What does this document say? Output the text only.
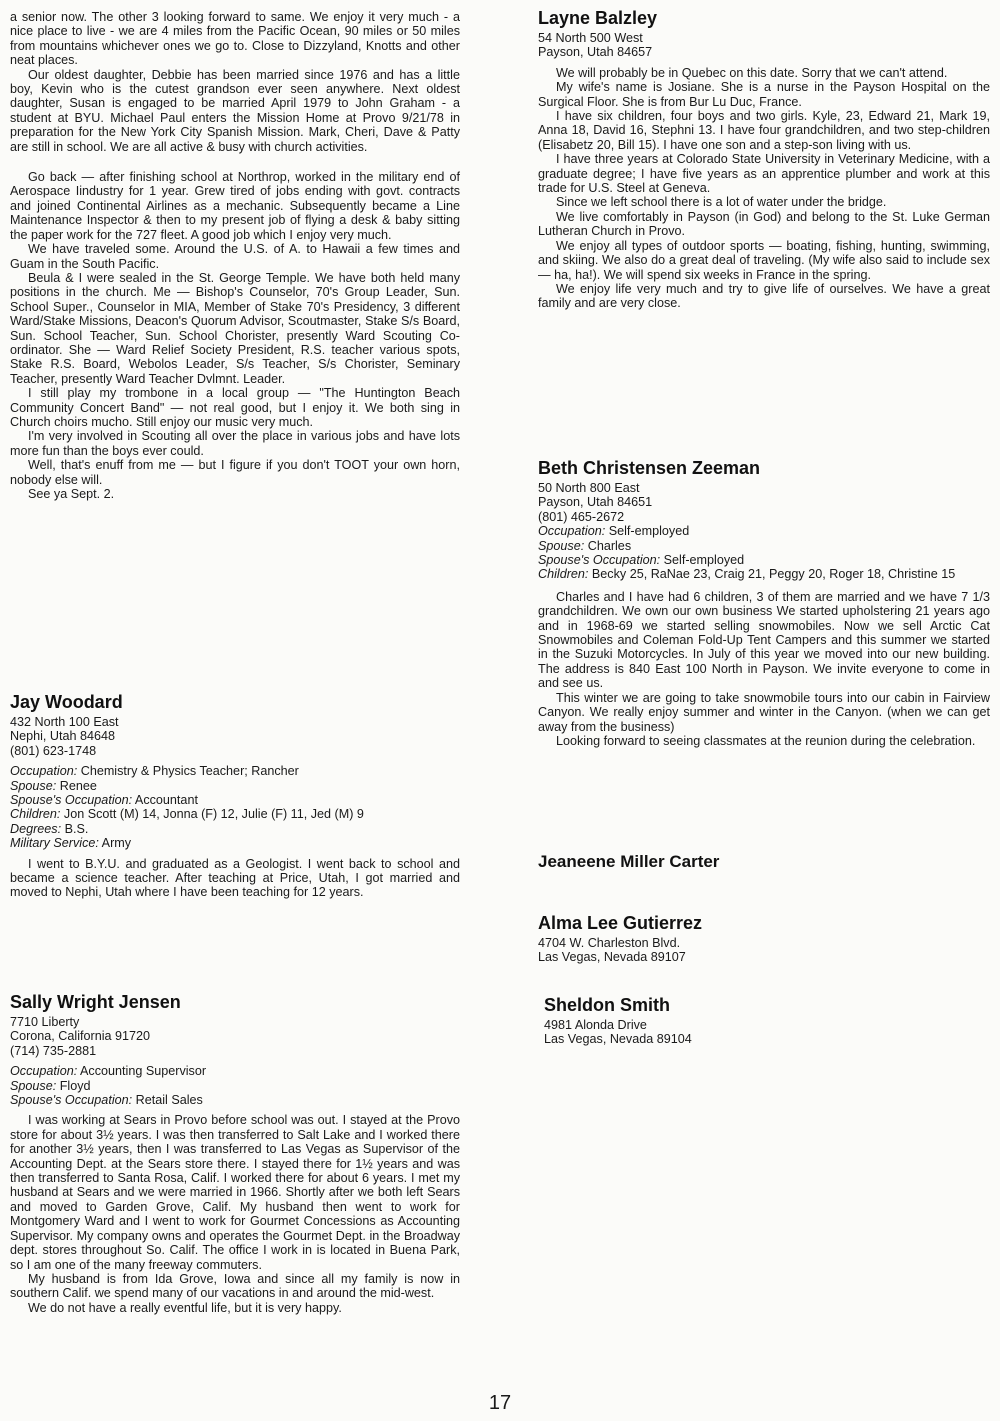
a senior now. The other 3 looking forward to same. We enjoy it very much - a nice place to live - we are 4 miles from the Pacific Ocean, 90 miles or 50 miles from mountains whichever ones we go to. Close to Dizzyland, Knotts and other neat places.

Our oldest daughter, Debbie has been married since 1976 and has a little boy, Kevin who is the cutest grandson ever seen anywhere. Next oldest daughter, Susan is engaged to be married April 1979 to John Graham - a student at BYU. Michael Paul enters the Mission Home at Provo 9/21/78 in preparation for the New York City Spanish Mission. Mark, Cheri, Dave & Patty are still in school. We are all active & busy with church activities.

Go back — after finishing school at Northrop, worked in the military end of Aerospace Iindustry for 1 year. Grew tired of jobs ending with govt. contracts and joined Continental Airlines as a mechanic. Subsequently became a Line Maintenance Inspector & then to my present job of flying a desk & baby sitting the paper work for the 727 fleet. A good job which I enjoy very much.

We have traveled some. Around the U.S. of A. to Hawaii a few times and Guam in the South Pacific.

Beula & I were sealed in the St. George Temple. We have both held many positions in the church. Me — Bishop's Counselor, 70's Group Leader, Sun. School Super., Counselor in MIA, Member of Stake 70's Presidency, 3 different Ward/Stake Missions, Deacon's Quorum Advisor, Scoutmaster, Stake S/s Board, Sun. School Teacher, Sun. School Chorister, presently Ward Scouting Co-ordinator. She — Ward Relief Society President, R.S. teacher various spots, Stake R.S. Board, Webolos Leader, S/s Teacher, S/s Chorister, Seminary Teacher, presently Ward Teacher Dvlmnt. Leader.

I still play my trombone in a local group — "The Huntington Beach Community Concert Band" — not real good, but I enjoy it. We both sing in Church choirs mucho. Still enjoy our music very much.

I'm very involved in Scouting all over the place in various jobs and have lots more fun than the boys ever could.

Well, that's enuff from me — but I figure if you don't TOOT your own horn, nobody else will.

See ya Sept. 2.

Jay Woodard

432 North 100 East

Nephi, Utah 84648

(801) 623-1748

Occupation: Chemistry & Physics Teacher; Rancher

Spouse: Renee

Spouse's Occupation: Accountant

Children: Jon Scott (M) 14, Jonna (F) 12, Julie (F) 11, Jed (M) 9

Degrees: B.S.

Military Service: Army

I went to B.Y.U. and graduated as a Geologist. I went back to school and became a science teacher. After teaching at Price, Utah, I got married and moved to Nephi, Utah where I have been teaching for 12 years.

Sally Wright Jensen

7710 Liberty

Corona, California 91720

(714) 735-2881

Occupation: Accounting Supervisor

Spouse: Floyd

Spouse's Occupation: Retail Sales

I was working at Sears in Provo before school was out. I stayed at the Provo store for about 3½ years. I was then transferred to Salt Lake and I worked there for another 3½ years, then I was transferred to Las Vegas as Supervisor of the Accounting Dept. at the Sears store there. I stayed there for 1½ years and was then transferred to Santa Rosa, Calif. I worked there for about 6 years. I met my husband at Sears and we were married in 1966. Shortly after we both left Sears and moved to Garden Grove, Calif. My husband then went to work for Montgomery Ward and I went to work for Gourmet Concessions as Accounting Supervisor. My company owns and operates the Gourmet Dept. in the Broadway dept. stores throughout So. Calif. The office I work in is located in Buena Park, so I am one of the many freeway commuters.

My husband is from Ida Grove, Iowa and since all my family is now in southern Calif. we spend many of our vacations in and around the mid-west.

We do not have a really eventful life, but it is very happy.

Layne Balzley

54 North 500 West

Payson, Utah 84657

We will probably be in Quebec on this date. Sorry that we can't attend.

My wife's name is Josiane. She is a nurse in the Payson Hospital on the Surgical Floor. She is from Bur Lu Duc, France.

I have six children, four boys and two girls. Kyle, 23, Edward 21, Mark 19, Anna 18, David 16, Stephni 13. I have four grandchildren, and two step-children (Elisabetz 20, Bill 15). I have one son and a step-son living with us.

I have three years at Colorado State University in Veterinary Medicine, with a graduate degree; I have five years as an apprentice plumber and work at this trade for U.S. Steel at Geneva.

Since we left school there is a lot of water under the bridge.

We live comfortably in Payson (in God) and belong to the St. Luke German Lutheran Church in Provo.

We enjoy all types of outdoor sports — boating, fishing, hunting, swimming, and skiing. We also do a great deal of traveling. (My wife also said to include sex — ha, ha!). We will spend six weeks in France in the spring.

We enjoy life very much and try to give life of ourselves. We have a great family and are very close.

Beth Christensen Zeeman

50 North 800 East

Payson, Utah 84651

(801) 465-2672

Occupation: Self-employed

Spouse: Charles

Spouse's Occupation: Self-employed

Children: Becky 25, RaNae 23, Craig 21, Peggy 20, Roger 18, Christine 15

Charles and I have had 6 children, 3 of them are married and we have 7 1/3 grandchildren. We own our own business We started upholstering 21 years ago and in 1968-69 we started selling snowmobiles. Now we sell Arctic Cat Snowmobiles and Coleman Fold-Up Tent Campers and this summer we started in the Suzuki Motorcycles. In July of this year we moved into our new building. The address is 840 East 100 North in Payson. We invite everyone to come in and see us.

This winter we are going to take snowmobile tours into our cabin in Fairview Canyon. We really enjoy summer and winter in the Canyon. (when we can get away from the business)

Looking forward to seeing classmates at the reunion during the celebration.

Jeaneene Miller Carter
Alma Lee Gutierrez

4704 W. Charleston Blvd.

Las Vegas, Nevada 89107

Sheldon Smith

4981 Alonda Drive

Las Vegas, Nevada 89104

17
